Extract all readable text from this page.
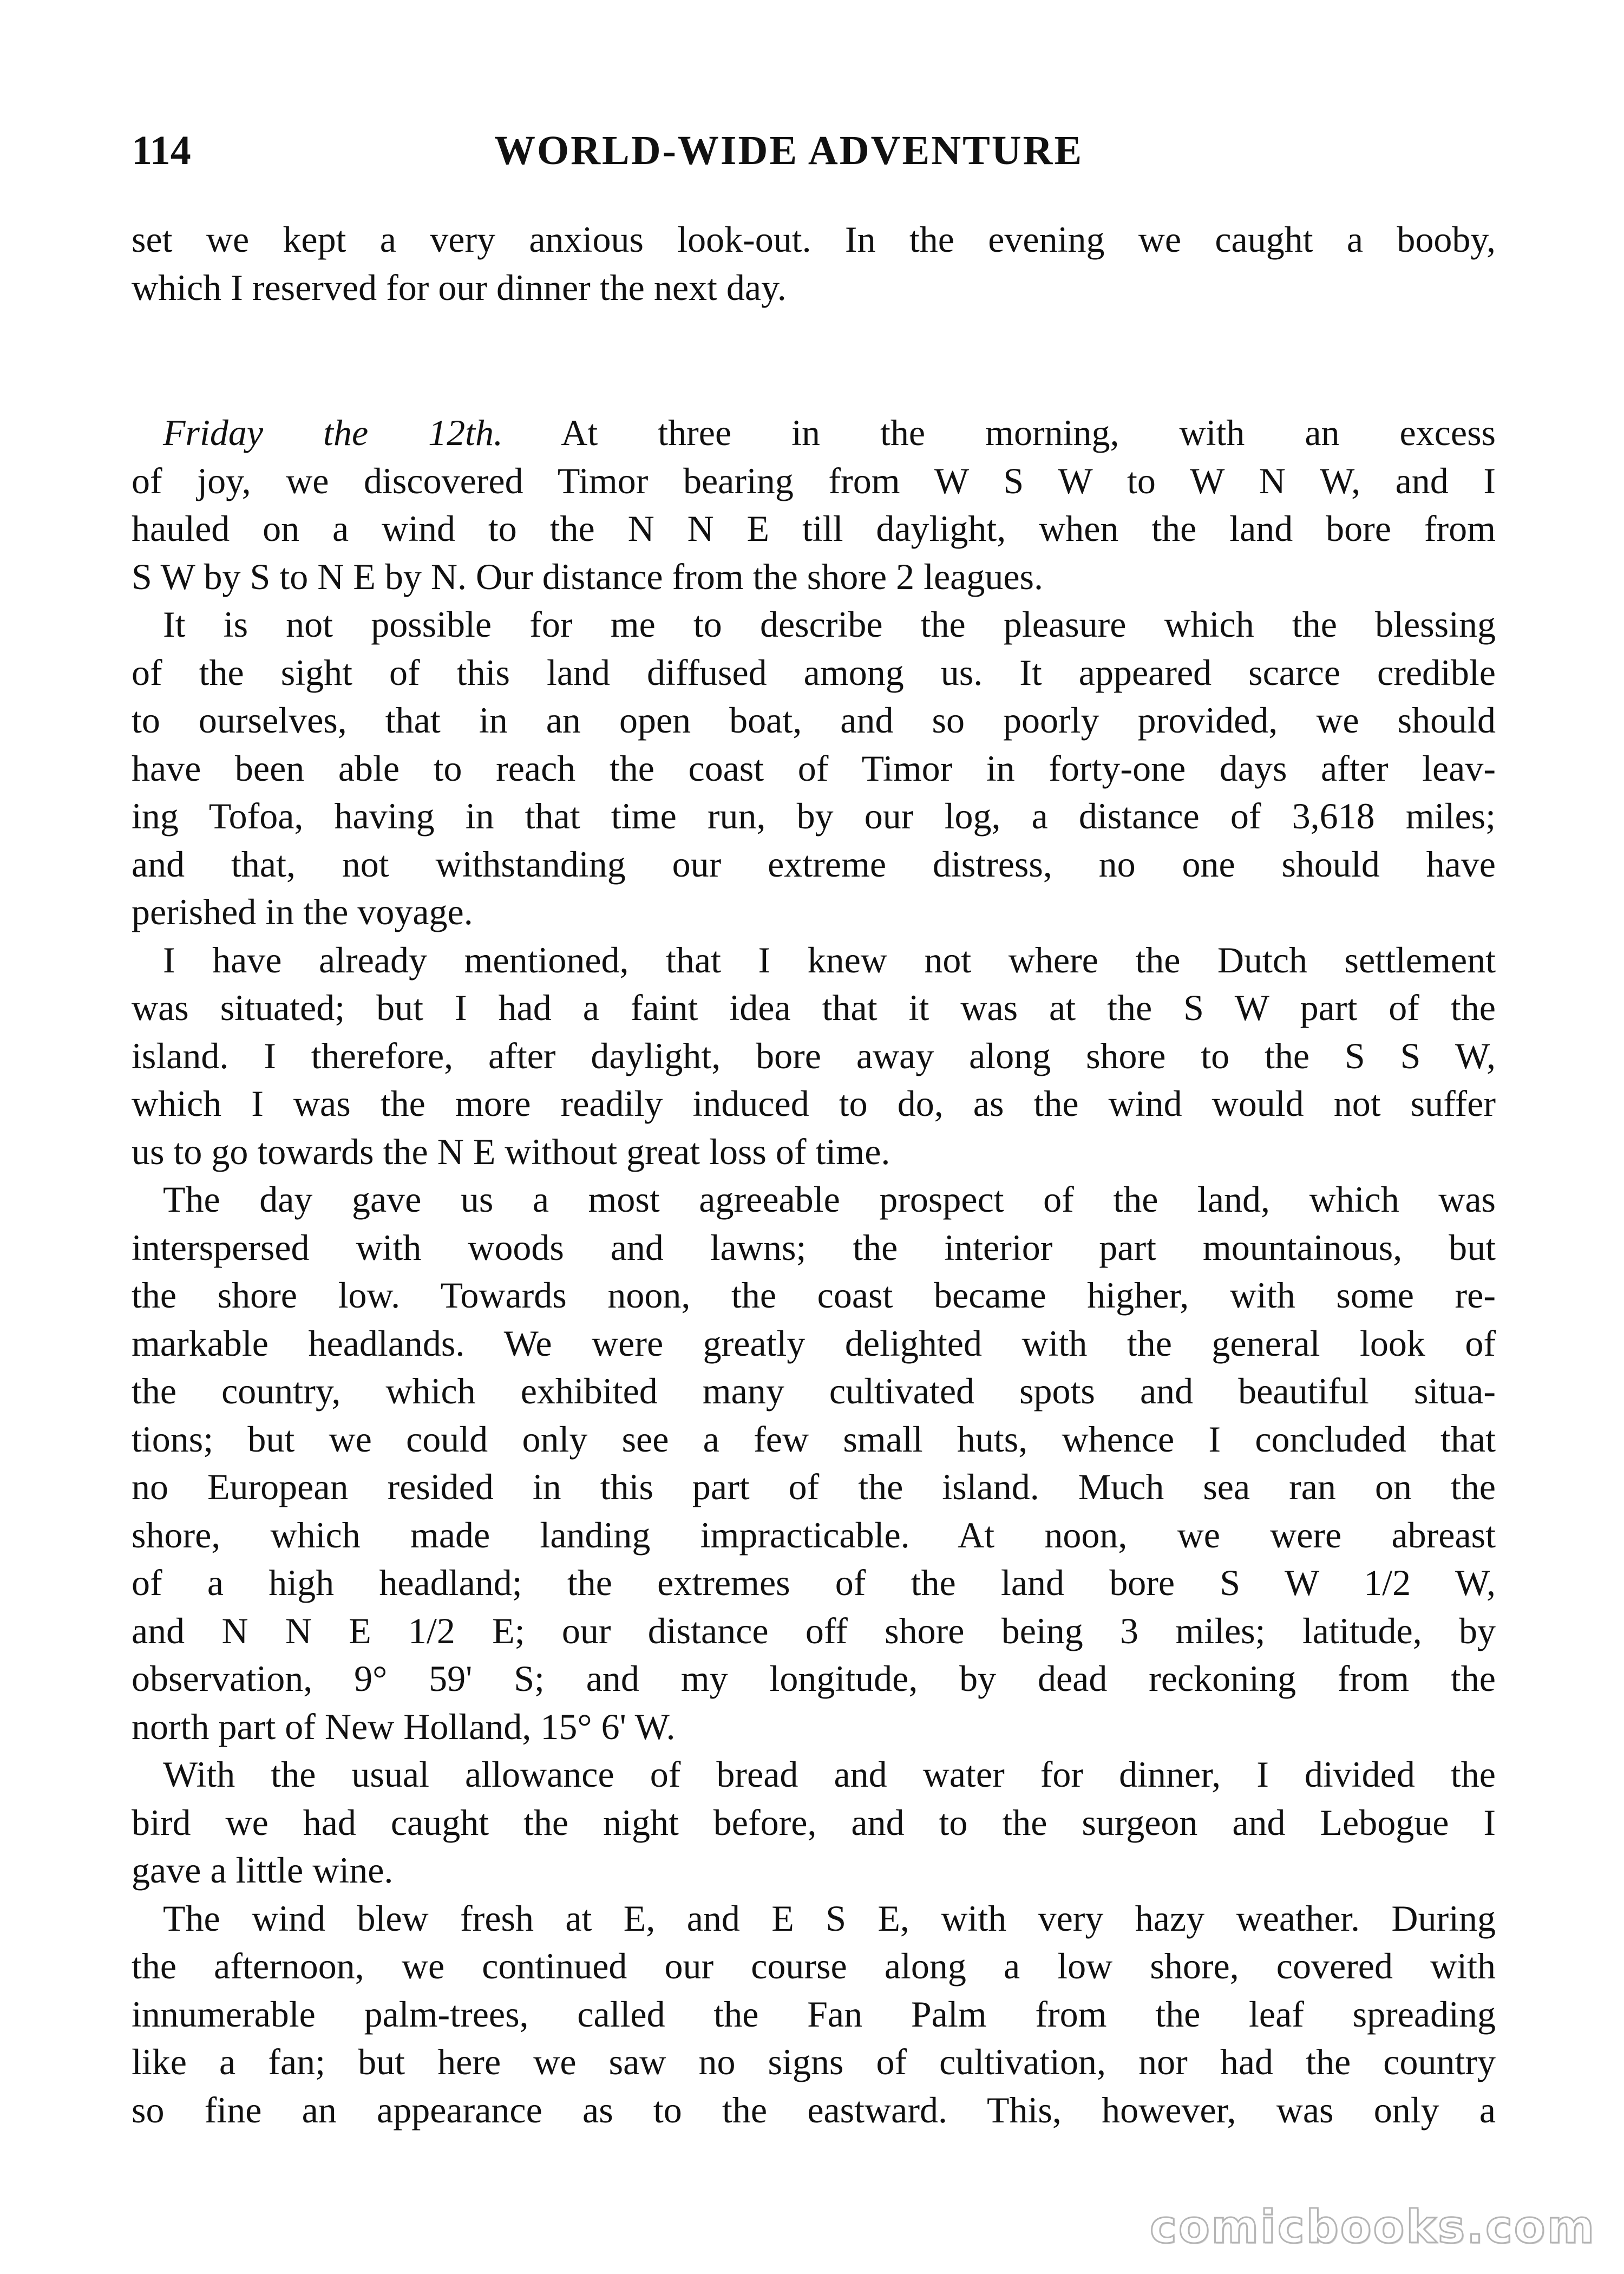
114	WORLD-WIDE ADVENTURE

set we kept a very anxious look-out. In the evening we caught a booby,
which I reserved for our dinner the next day.

Friday the 12th. At three in the morning, with an excess
of joy, we discovered Timor bearing from W S W to W N W, and I
hauled on a wind to the N N E till daylight, when the land bore from
S W by S to N E by N. Our distance from the shore 2 leagues.

It is not possible for me to describe the pleasure which the blessing
of the sight of this land diffused among us. It appeared scarce credible
to ourselves, that in an open boat, and so poorly provided, we should
have been able to reach the coast of Timor in forty-one days after leav-
ing Tofoa, having in that time run, by our log, a distance of 3,618 miles;
and that, not withstanding our extreme distress, no one should have
perished in the voyage.

I have already mentioned, that I knew not where the Dutch settlement
was situated; but I had a faint idea that it was at the S W part of the
island. I therefore, after daylight, bore away along shore to the S S W,
which I was the more readily induced to do, as the wind would not suffer
us to go towards the N E without great loss of time.

The day gave us a most agreeable prospect of the land, which was
interspersed with woods and lawns; the interior part mountainous, but
the shore low. Towards noon, the coast became higher, with some re-
markable headlands. We were greatly delighted with the general look of
the country, which exhibited many cultivated spots and beautiful situa-
tions; but we could only see a few small huts, whence I concluded that
no European resided in this part of the island. Much sea ran on the
shore, which made landing impracticable. At noon, we were abreast
of a high headland; the extremes of the land bore S W 1/2 W,
and N N E 1/2 E; our distance off shore being 3 miles; latitude, by
observation, 9° 59' S; and my longitude, by dead reckoning from the
north part of New Holland, 15° 6' W.

With the usual allowance of bread and water for dinner, I divided the
bird we had caught the night before, and to the surgeon and Lebogue I
gave a little wine.

The wind blew fresh at E, and E S E, with very hazy weather. During
the afternoon, we continued our course along a low shore, covered with
innumerable palm-trees, called the Fan Palm from the leaf spreading
like a fan; but here we saw no signs of cultivation, nor had the country
so fine an appearance as to the eastward. This, however, was only a

comicbooks.com
